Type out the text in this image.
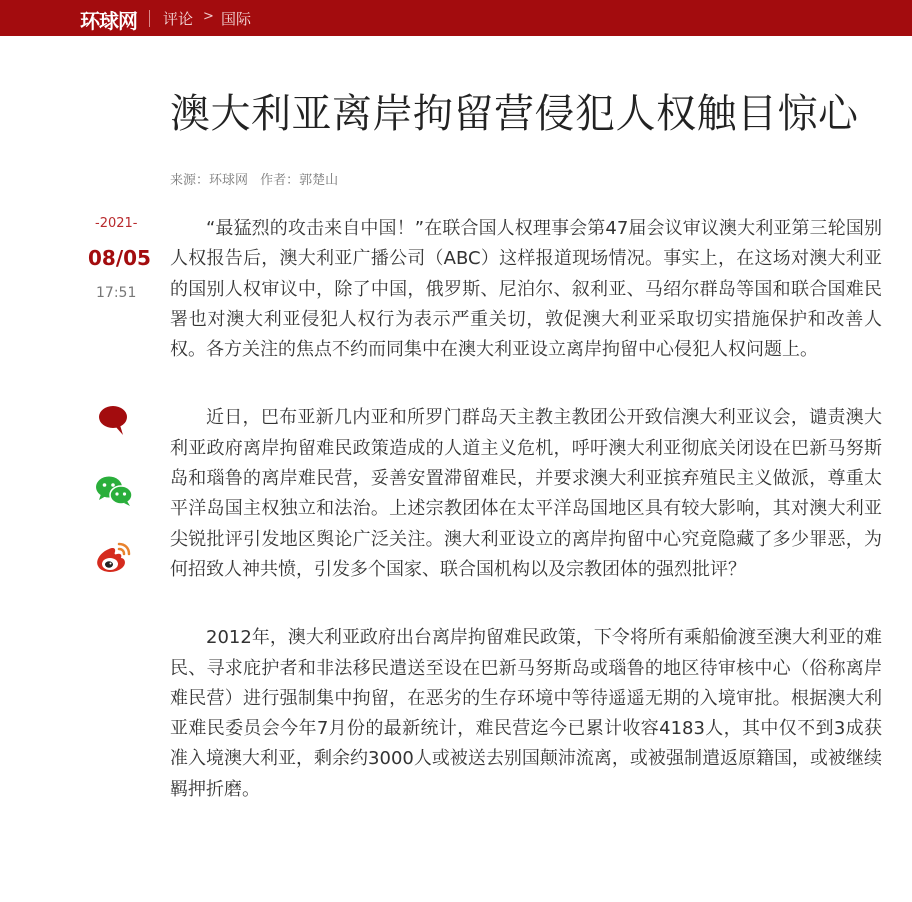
环球网 评论 > 国际
澳大利亚离岸拘留营侵犯人权触目惊心
来源：环球网 作者：郭楚山
-2021-
08/05
17:51

“最猛烈的攻击来自中国！”在联合国人权理事会第47届会议审议澳大利亚第三轮国别人权报告后，澳大利亚广播公司（ABC）这样报道现场情况。事实上，在这场对澳大利亚的国别人权审议中，除了中国，俄罗斯、尼泊尔、叙利亚、马绍尔群岛等国和联合国难民署也对澳大利亚侵犯人权行为表示严重关切，敦促澳大利亚采取切实措施保护和改善人权。各方关注的焦点不约而同集中在澳大利亚设立离岸拘留中心侵犯人权问题上。

近日，巴布亚新几内亚和所罗门群岛天主教主教团公开致信澳大利亚议会，谴责澳大利亚政府离岸拘留难民政策造成的人道主义危机，呼吁澳大利亚彻底关闭设在巴新马努斯岛和瑙鲁的离岸难民营，妥善安置滞留难民，并要求澳大利亚摈弃殖民主义做派，尊重太平洋岛国主权独立和法治。上述宗教团体在太平洋岛国地区具有较大影响，其对澳大利亚尖锐批评引发地区舆论广泛关注。澳大利亚设立的离岸拘留中心究竟隐藏了多少罪恶，为何招致人神共愤，引发多个国家、联合国机构以及宗教团体的强烈批评？

2012年，澳大利亚政府出台离岸拘留难民政策，下令将所有乘船偷渡至澳大利亚的难民、寻求庇护者和非法移民遣送至设在巴新马努斯岛或瑙鲁的地区待审核中心（俗称离岸难民营）进行强制集中拘留，在恶劣的生存环境中等待遥遥无期的入境审批。根据澳大利亚难民委员会今年7月份的最新统计，难民营迄今已累计收容4183人，其中仅不到3成获准入境澳大利亚，剩余约3000人或被送去别国颠沛流离，或被强制遣返原籍国，或被继续羁押折磨。
